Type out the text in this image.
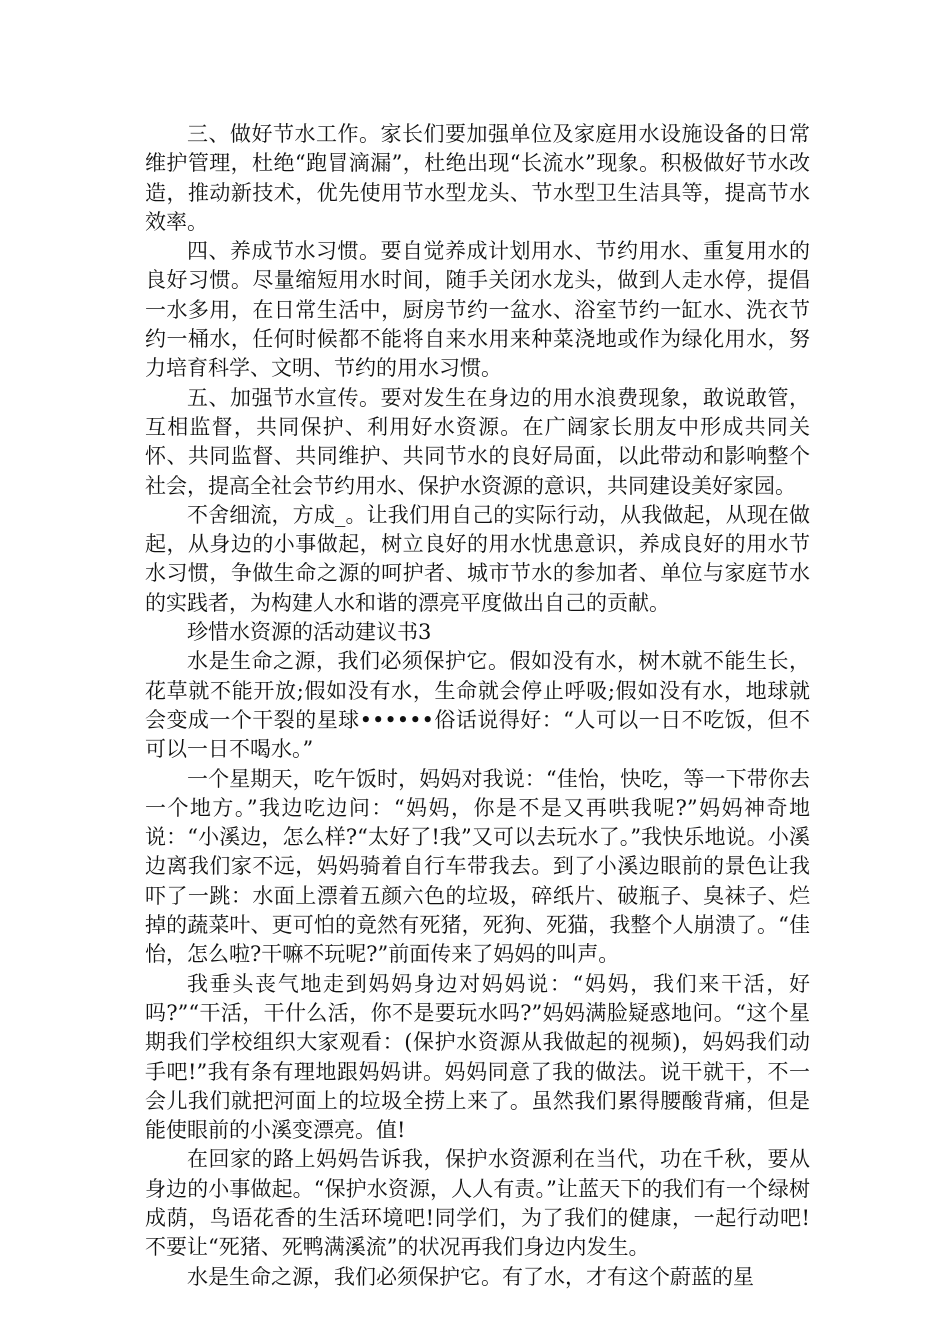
三、做好节水工作。家长们要加强单位及家庭用水设施设备的日常维护管理，杜绝“跑冒滴漏”，杜绝出现“长流水”现象。积极做好节水改造，推动新技术，优先使用节水型龙头、节水型卫生洁具等，提高节水效率。

四、养成节水习惯。要自觉养成计划用水、节约用水、重复用水的良好习惯。尽量缩短用水时间，随手关闭水龙头，做到人走水停，提倡一水多用，在日常生活中，厨房节约一盆水、浴室节约一缸水、洗衣节约一桶水，任何时候都不能将自来水用来种菜浇地或作为绿化用水，努力培育科学、文明、节约的用水习惯。

五、加强节水宣传。要对发生在身边的用水浪费现象，敢说敢管，互相监督，共同保护、利用好水资源。在广阔家长朋友中形成共同关怀、共同监督、共同维护、共同节水的良好局面，以此带动和影响整个社会，提高全社会节约用水、保护水资源的意识，共同建设美好家园。

不舍细流，方成_。让我们用自己的实际行动，从我做起，从现在做起，从身边的小事做起，树立良好的用水忧患意识，养成良好的用水节水习惯，争做生命之源的呵护者、城市节水的参加者、单位与家庭节水的实践者，为构建人水和谐的漂亮平度做出自己的贡献。

珍惜水资源的活动建议书3

水是生命之源，我们必须保护它。假如没有水，树木就不能生长，花草就不能开放;假如没有水，生命就会停止呼吸;假如没有水，地球就会变成一个干裂的星球••••••俗话说得好：“人可以一日不吃饭，但不可以一日不喝水。”

一个星期天，吃午饭时，妈妈对我说：“佳怡，快吃，等一下带你去一个地方。”我边吃边问：“妈妈，你是不是又再哄我呢?”妈妈神奇地说：“小溪边，怎么样?“太好了!我”又可以去玩水了。”我快乐地说。小溪边离我们家不远，妈妈骑着自行车带我去。到了小溪边眼前的景色让我吓了一跳：水面上漂着五颜六色的垃圾，碎纸片、破瓶子、臭袜子、烂掉的蔬菜叶、更可怕的竟然有死猪，死狗、死猫，我整个人崩溃了。“佳怡，怎么啦?干嘛不玩呢?”前面传来了妈妈的叫声。

我垂头丧气地走到妈妈身边对妈妈说：“妈妈，我们来干活，好吗?”“干活，干什么活，你不是要玩水吗?”妈妈满脸疑惑地问。“这个星期我们学校组织大家观看：(保护水资源从我做起的视频)，妈妈我们动手吧!”我有条有理地跟妈妈讲。妈妈同意了我的做法。说干就干，不一会儿我们就把河面上的垃圾全捞上来了。虽然我们累得腰酸背痛，但是能使眼前的小溪变漂亮。值!

在回家的路上妈妈告诉我，保护水资源利在当代，功在千秋，要从身边的小事做起。“保护水资源，人人有责。”让蓝天下的我们有一个绿树成荫，鸟语花香的生活环境吧!同学们，为了我们的健康，一起行动吧!不要让“死猪、死鸭满溪流”的状况再我们身边内发生。

水是生命之源，我们必须保护它。有了水，才有这个蔚蓝的星
